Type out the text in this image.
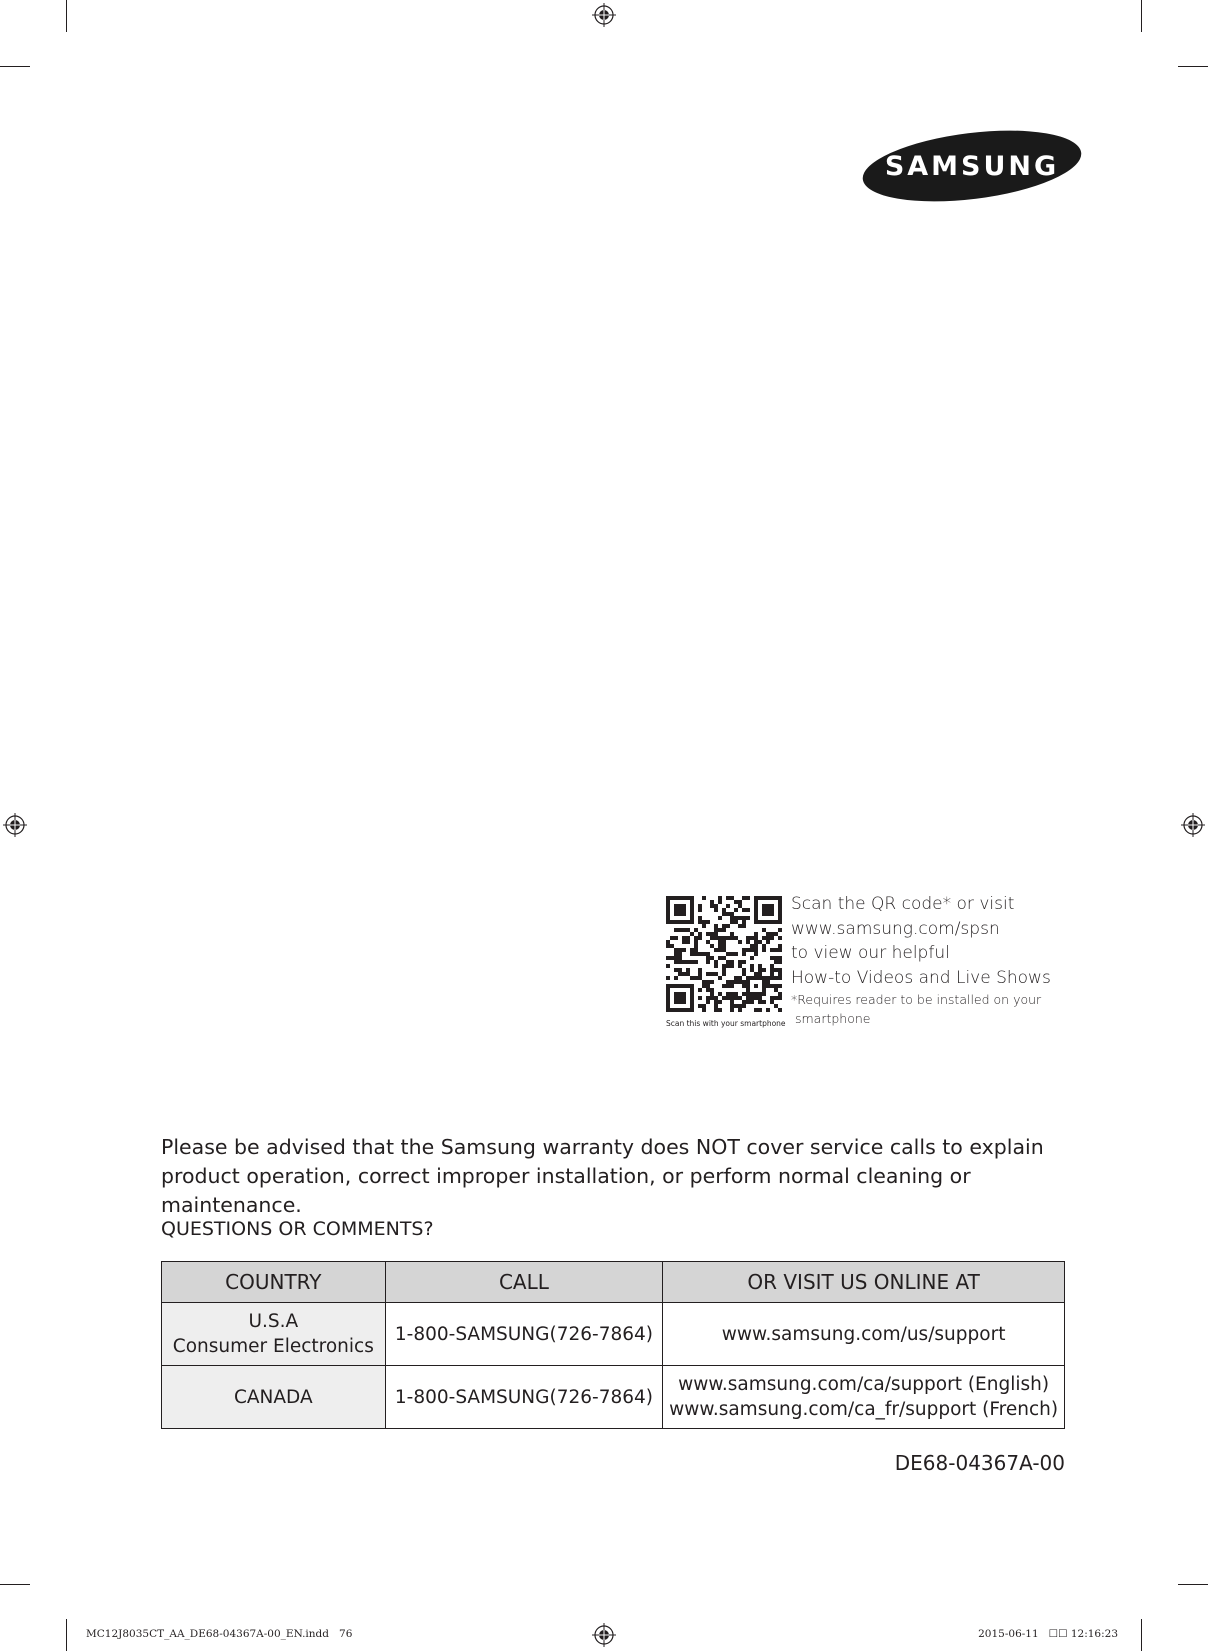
SAMSUNG
Scan this with your smartphone
Scan the QR code* or visit
www.samsung.com/spsn
to view our helpful
How-to Videos and Live Shows
*Requires reader to be installed on your
smartphone
Please be advised that the Samsung warranty does NOT cover service calls to explain
product operation, correct improper installation, or perform normal cleaning or maintenance.
QUESTIONS OR COMMENTS?
COUNTRY	CALL	OR VISIT US ONLINE AT

U.S.A
Consumer Electronics	1-800-SAMSUNG(726-7864)	www.samsung.com/us/support

CANADA	1-800-SAMSUNG(726-7864)	www.samsung.com/ca/support (English)
www.samsung.com/ca_fr/support (French)
DE68-04367A-00
MC12J8035CT_AA_DE68-04367A-00_EN.indd   76	2015-06-11   ☐☐ 12:16:23
